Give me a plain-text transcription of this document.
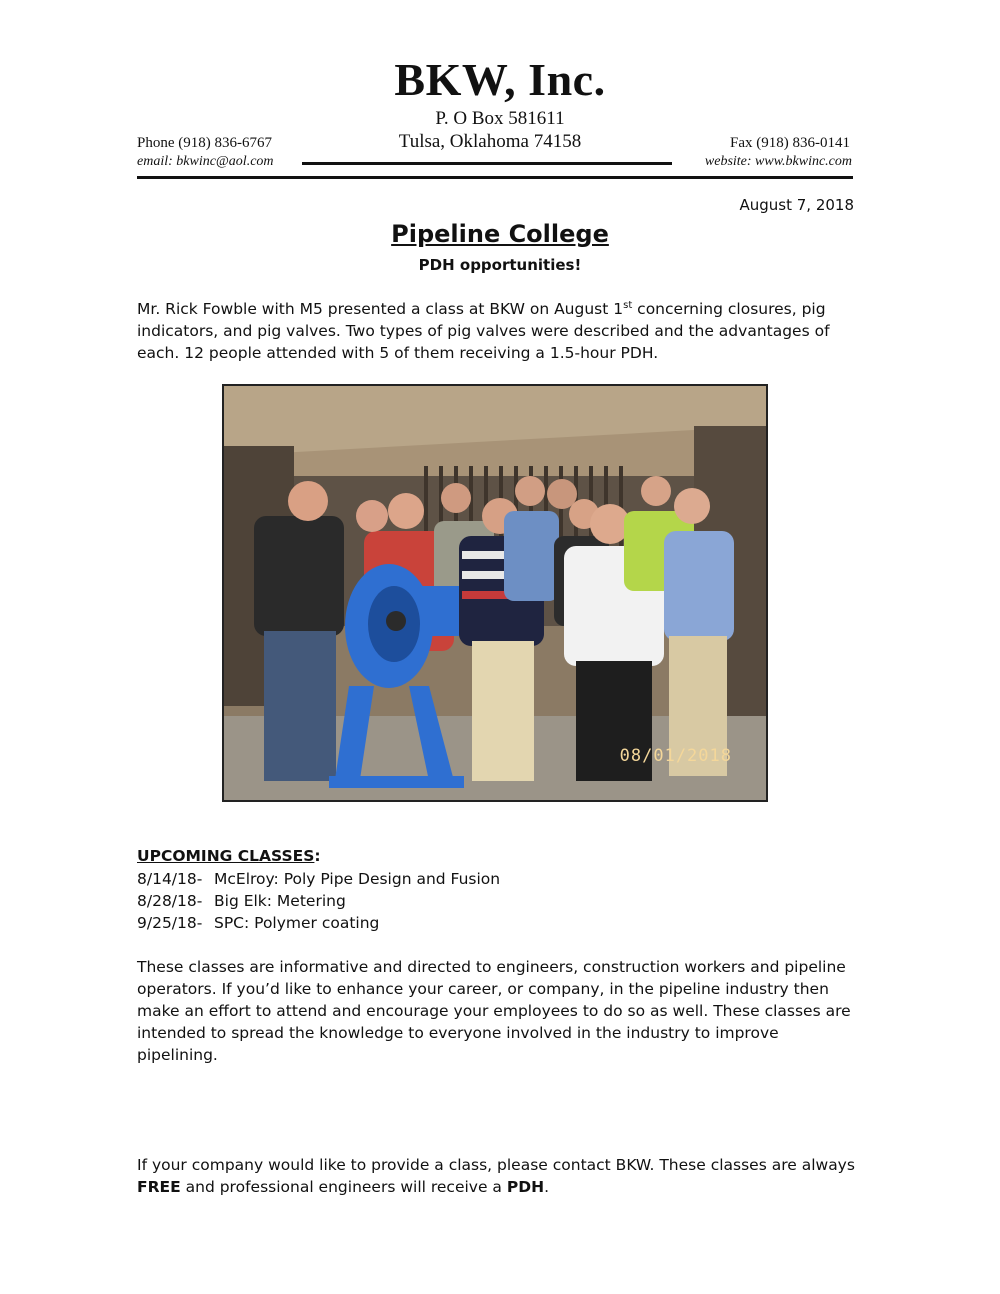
BKW, Inc.
P. O Box 581611
Tulsa, Oklahoma 74158
Phone (918) 836-6767
email: bkwinc@aol.com
Fax (918) 836-0141
website: www.bkwinc.com
August 7, 2018
Pipeline College
PDH opportunities!
Mr. Rick Fowble with M5 presented a class at BKW on August 1st concerning closures, pig indicators, and pig valves. Two types of pig valves were described and the advantages of each. 12 people attended with 5 of them receiving a 1.5-hour PDH.
08/01/2018
UPCOMING CLASSES:
8/14/18- McElroy: Poly Pipe Design and Fusion
8/28/18- Big Elk: Metering
9/25/18- SPC: Polymer coating
These classes are informative and directed to engineers, construction workers and pipeline operators. If you’d like to enhance your career, or company, in the pipeline industry then make an effort to attend and encourage your employees to do so as well. These classes are intended to spread the knowledge to everyone involved in the industry to improve pipelining.
If your company would like to provide a class, please contact BKW. These classes are always FREE and professional engineers will receive a PDH.
